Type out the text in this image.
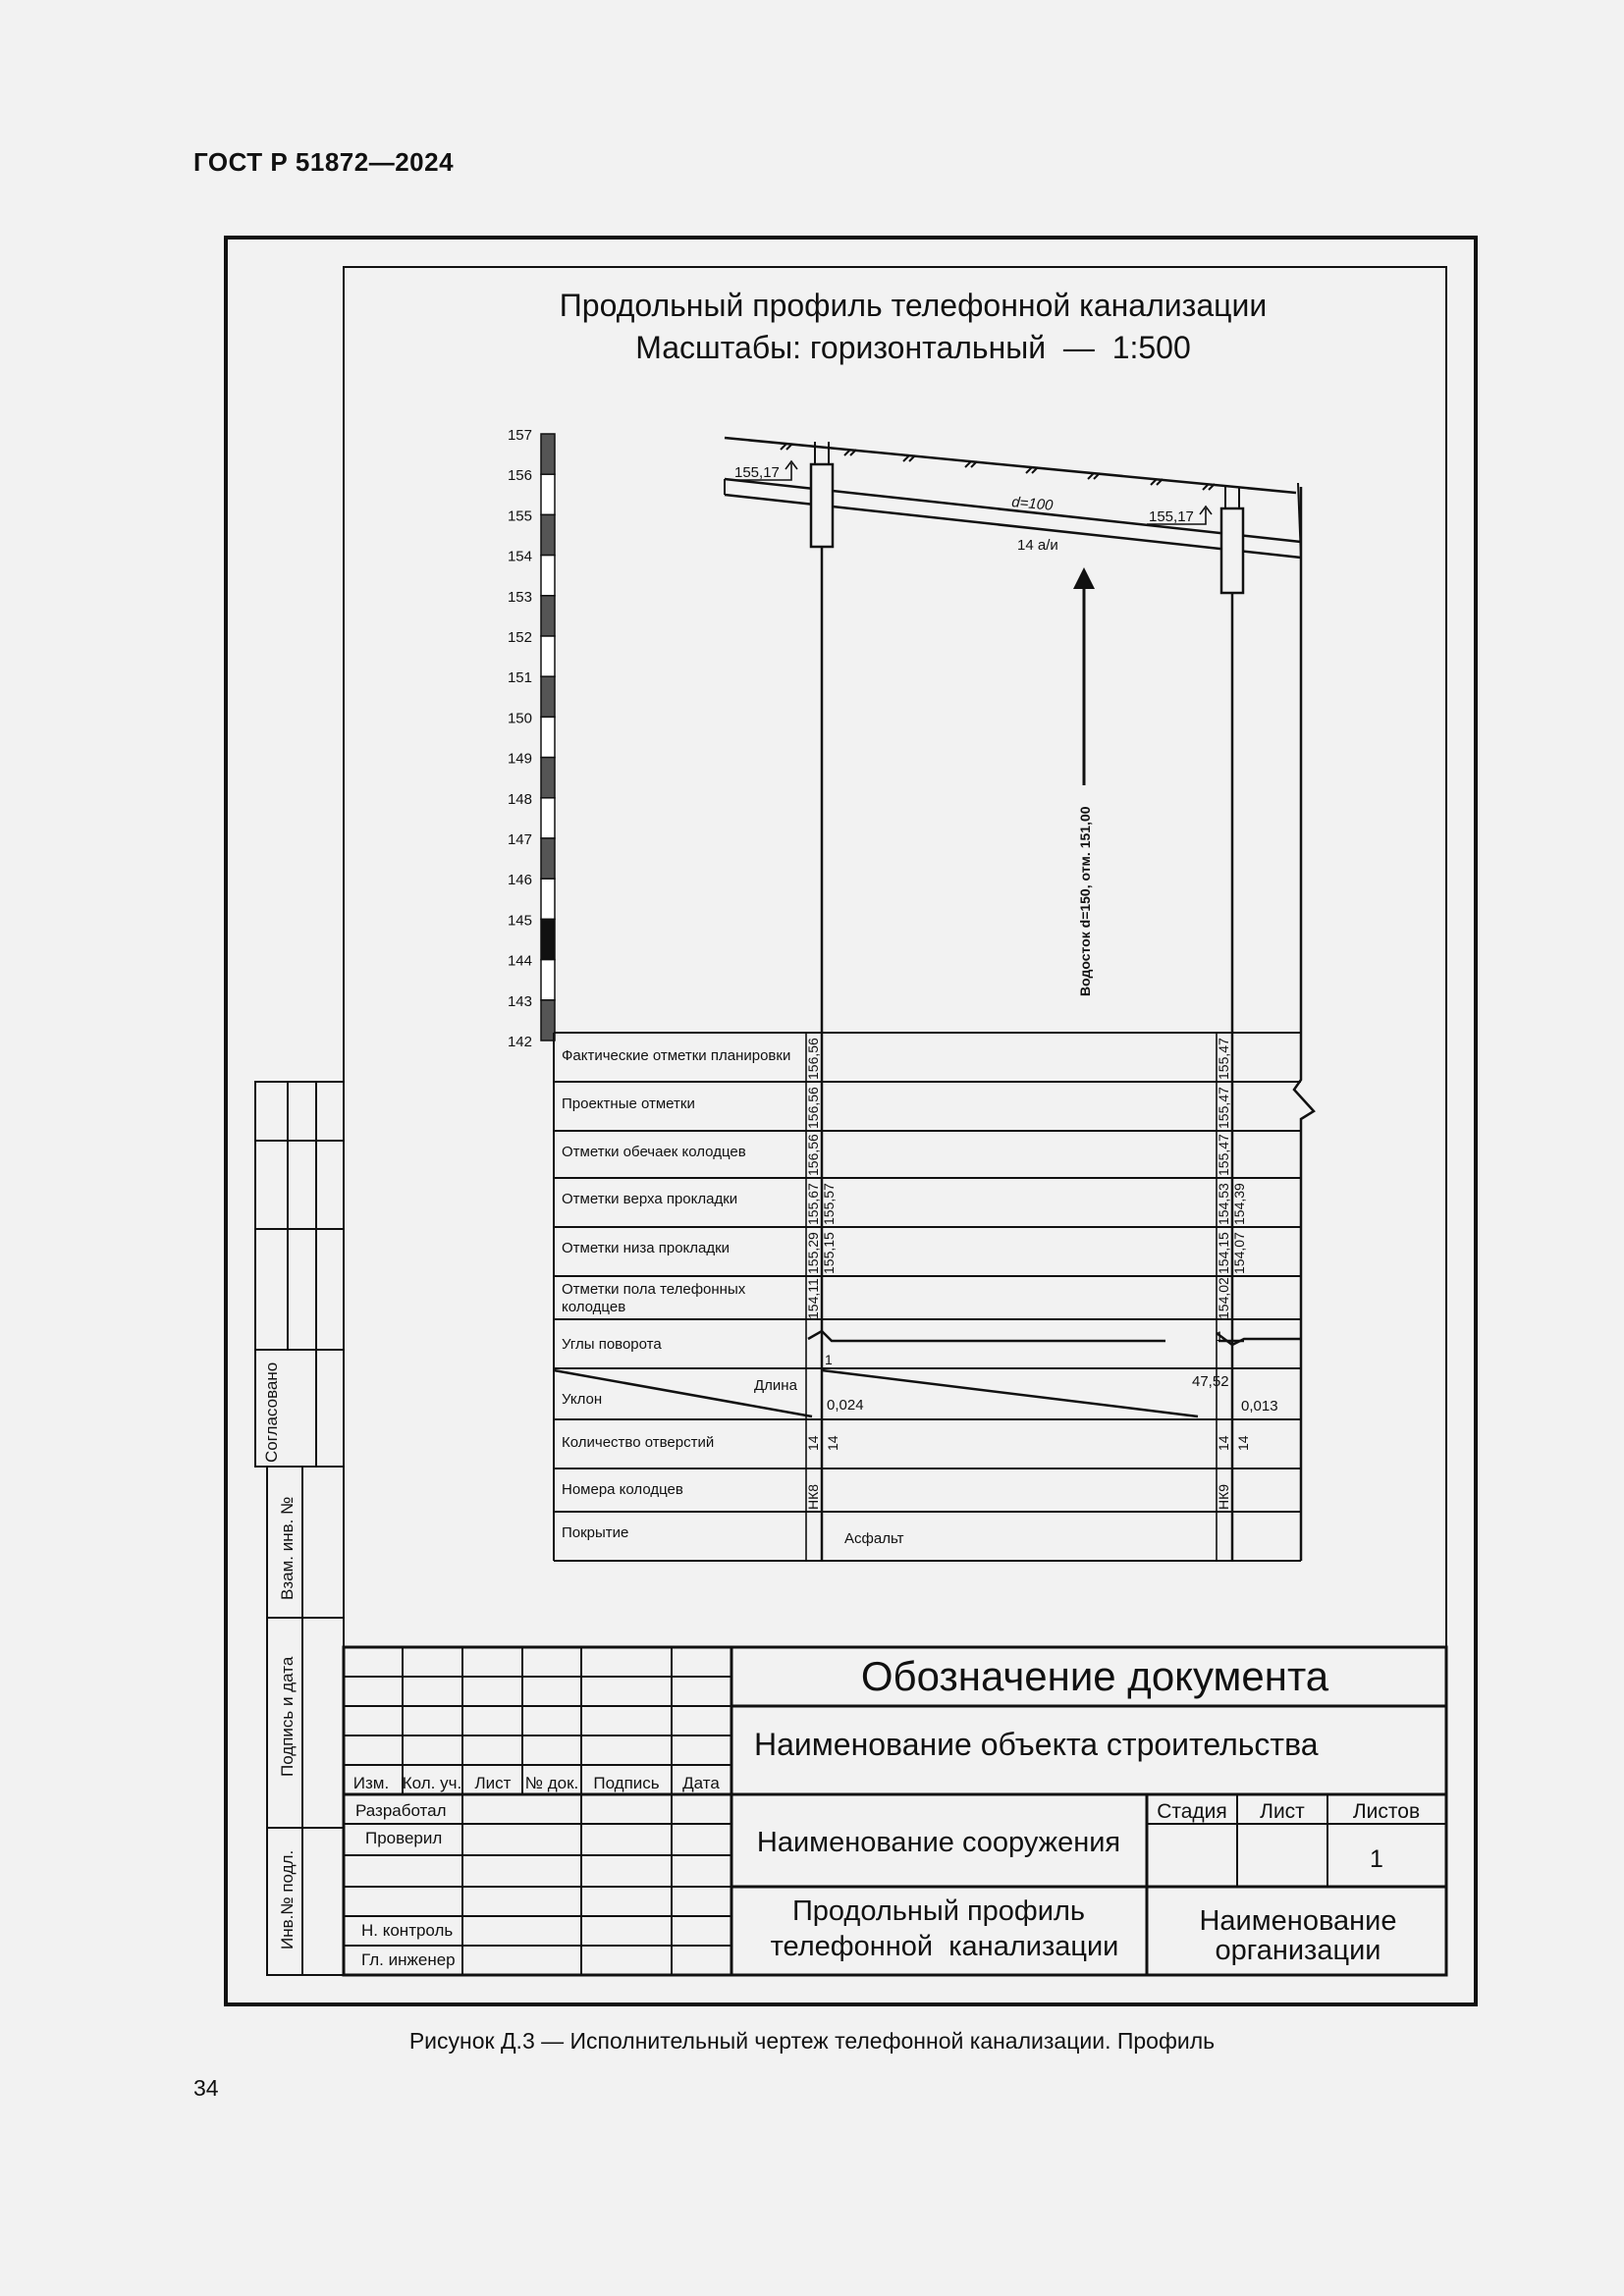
ГОСТ Р 51872—2024
Продольный профиль телефонной канализации
Масштабы: горизонтальный  —  1:500
157
156
155
154
153
152
151
150
149
148
147
146
145
144
143
142
155,17
155,17
d=100
14 а/и
Водосток d=150, отм. 151,00
Фактические отметки планировки
Проектные отметки
Отметки обечаек колодцев
Отметки верха прокладки
Отметки низа прокладки
Отметки пола телефонных
колодцев
Углы поворота
Уклон
Количество отверстий
Номера колодцев
Покрытие
Длина
156,56
156,56
156,56
155,67 155,57
155,29 155,15
154,11
14 14
НК8
155,47
155,47
155,47
154,53 154,39
154,15 154,07
154,02
14 14
НК9
1
1
47,52
0,024	0,013
Асфальт
Согласовано
Взам. инв. №
Подпись и дата
Инв.№ подл.
Обозначение документа
Наименование объекта строительства
Изм. Кол. уч. Лист № док. Подпись Дата
Разработал
Проверил
Н. контроль
Гл. инженер
Наименование сооружения
Стадия Лист Листов
1
Продольный профиль
телефонной  канализации
Наименование
организации
Рисунок Д.3 — Исполнительный чертеж телефонной канализации. Профиль
34
